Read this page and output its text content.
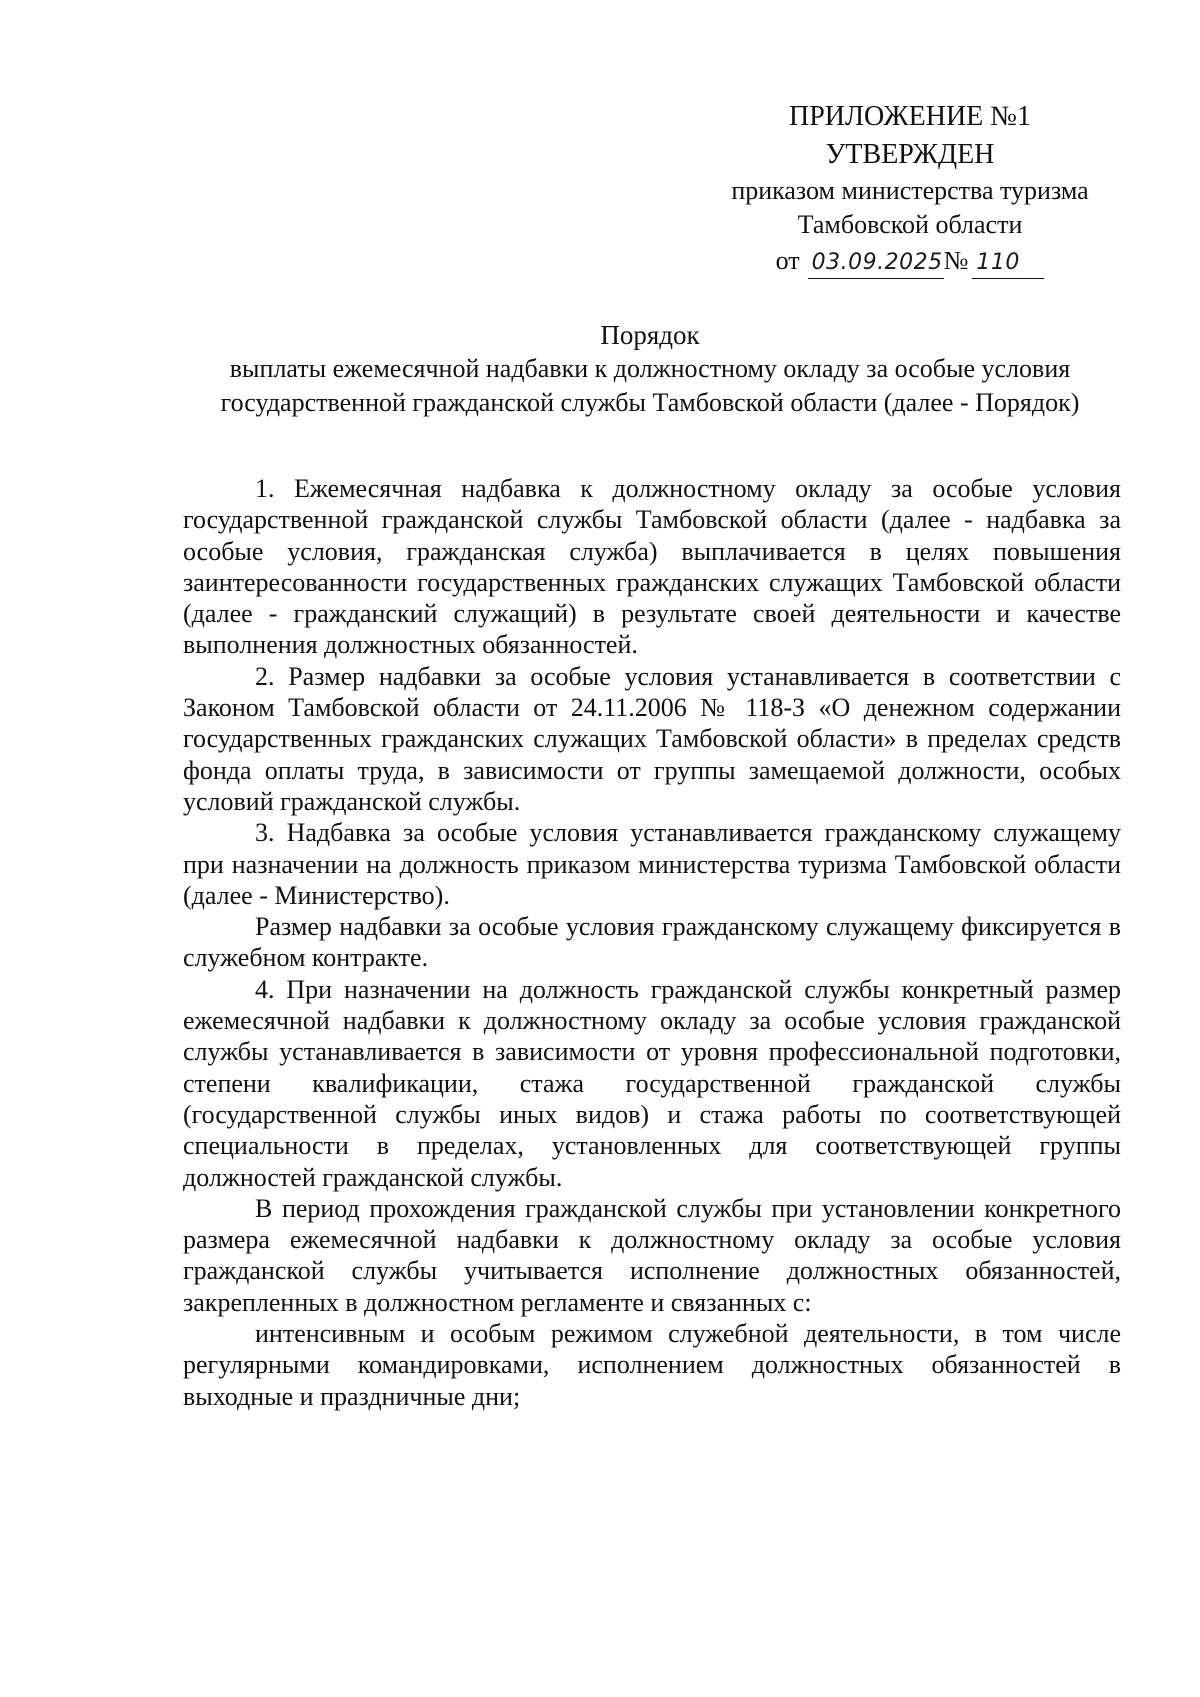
ПРИЛОЖЕНИЕ №1
УТВЕРЖДЕН
приказом министерства туризма
Тамбовской области
от 03.09.2025 № 110
Порядок
выплаты ежемесячной надбавки к должностному окладу за особые условия
государственной гражданской службы Тамбовской области (далее - Порядок)

1. Ежемесячная надбавка к должностному окладу за особые условия государственной гражданской службы Тамбовской области (далее - надбавка за особые условия, гражданская служба) выплачивается в целях повышения заинтересованности государственных гражданских служащих Тамбовской области (далее - гражданский служащий) в результате своей деятельности и качестве выполнения должностных обязанностей.

2. Размер надбавки за особые условия устанавливается в соответствии с Законом Тамбовской области от 24.11.2006 № 118-З «О денежном содержании государственных гражданских служащих Тамбовской области» в пределах средств фонда оплаты труда, в зависимости от группы замещаемой должности, особых условий гражданской службы.

3. Надбавка за особые условия устанавливается гражданскому служащему при назначении на должность приказом министерства туризма Тамбовской области (далее - Министерство).

Размер надбавки за особые условия гражданскому служащему фиксируется в служебном контракте.

4. При назначении на должность гражданской службы конкретный размер ежемесячной надбавки к должностному окладу за особые условия гражданской службы устанавливается в зависимости от уровня профессиональной подготовки, степени квалификации, стажа государственной гражданской службы (государственной службы иных видов) и стажа работы по соответствующей специальности в пределах, установленных для соответствующей группы должностей гражданской службы.

В период прохождения гражданской службы при установлении конкретного размера ежемесячной надбавки к должностному окладу за особые условия гражданской службы учитывается исполнение должностных обязанностей, закрепленных в должностном регламенте и связанных с:

интенсивным и особым режимом служебной деятельности, в том числе регулярными командировками, исполнением должностных обязанностей в выходные и праздничные дни;
